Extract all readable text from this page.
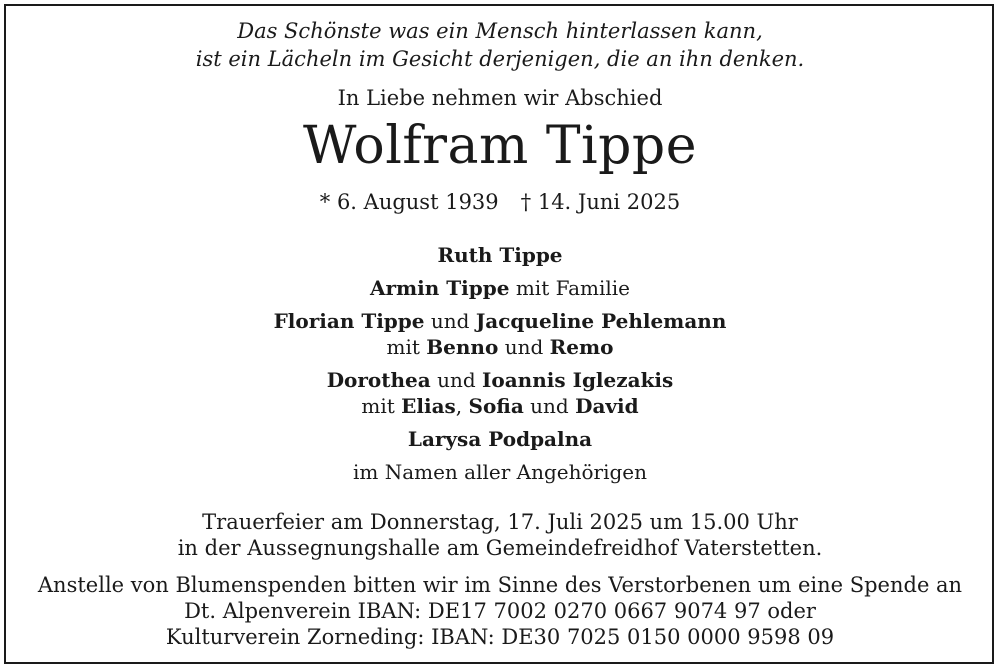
Das Schönste was ein Mensch hinterlassen kann,
ist ein Lächeln im Gesicht derjenigen, die an ihn denken.
In Liebe nehmen wir Abschied
Wolfram Tippe
* 6. August 1939 † 14. Juni 2025
Ruth Tippe
Armin Tippe mit Familie
Florian Tippe und Jacqueline Pehlemann
mit Benno und Remo
Dorothea und Ioannis Iglezakis
mit Elias, Sofia und David
Larysa Podpalna
im Namen aller Angehörigen
Trauerfeier am Donnerstag, 17. Juli 2025 um 15.00 Uhr
in der Aussegnungshalle am Gemeindefreidhof Vaterstetten.
Anstelle von Blumenspenden bitten wir im Sinne des Verstorbenen um eine Spende an
Dt. Alpenverein IBAN: DE17 7002 0270 0667 9074 97 oder
Kulturverein Zorneding: IBAN: DE30 7025 0150 0000 9598 09
